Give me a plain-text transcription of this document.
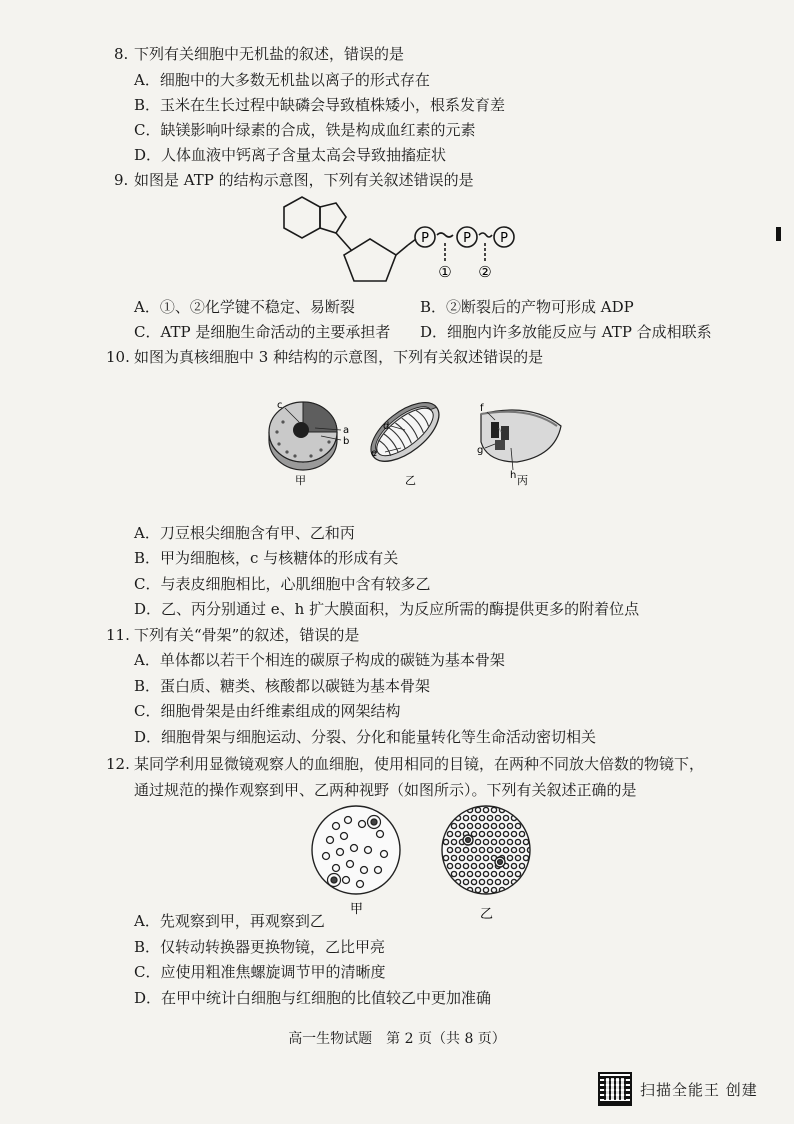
8. 下列有关细胞中无机盐的叙述，错误的是
A．细胞中的大多数无机盐以离子的形式存在
B．玉米在生长过程中缺磷会导致植株矮小，根系发育差
C．缺镁影响叶绿素的合成，铁是构成血红素的元素
D．人体血液中钙离子含量太高会导致抽搐症状
9. 如图是 ATP 的结构示意图，下列有关叙述错误的是
P	P P
① ②
A．①、②化学键不稳定、易断裂	B．②断裂后的产物可形成 ADP
C．ATP 是细胞生命活动的主要承担者 D．细胞内许多放能反应与 ATP 合成相联系
10. 如图为真核细胞中 3 种结构的示意图，下列有关叙述错误的是
c
a
b
甲
d
e
乙
f
g
h 丙
A．刀豆根尖细胞含有甲、乙和丙
B．甲为细胞核，c 与核糖体的形成有关
C．与表皮细胞相比，心肌细胞中含有较多乙
D．乙、丙分别通过 e、h 扩大膜面积，为反应所需的酶提供更多的附着位点
11. 下列有关“骨架”的叙述，错误的是
A．单体都以若干个相连的碳原子构成的碳链为基本骨架
B．蛋白质、糖类、核酸都以碳链为基本骨架
C．细胞骨架是由纤维素组成的网架结构
D．细胞骨架与细胞运动、分裂、分化和能量转化等生命活动密切相关
12. 某同学利用显微镜观察人的血细胞，使用相同的目镜，在两种不同放大倍数的物镜下，
通过规范的操作观察到甲、乙两种视野（如图所示）。下列有关叙述正确的是
甲	乙
A．先观察到甲，再观察到乙
B．仅转动转换器更换物镜，乙比甲亮
C．应使用粗准焦螺旋调节甲的清晰度
D．在甲中统计白细胞与红细胞的比值较乙中更加准确
高一生物试题　第 2 页（共 8 页）
扫描全能王 创建
